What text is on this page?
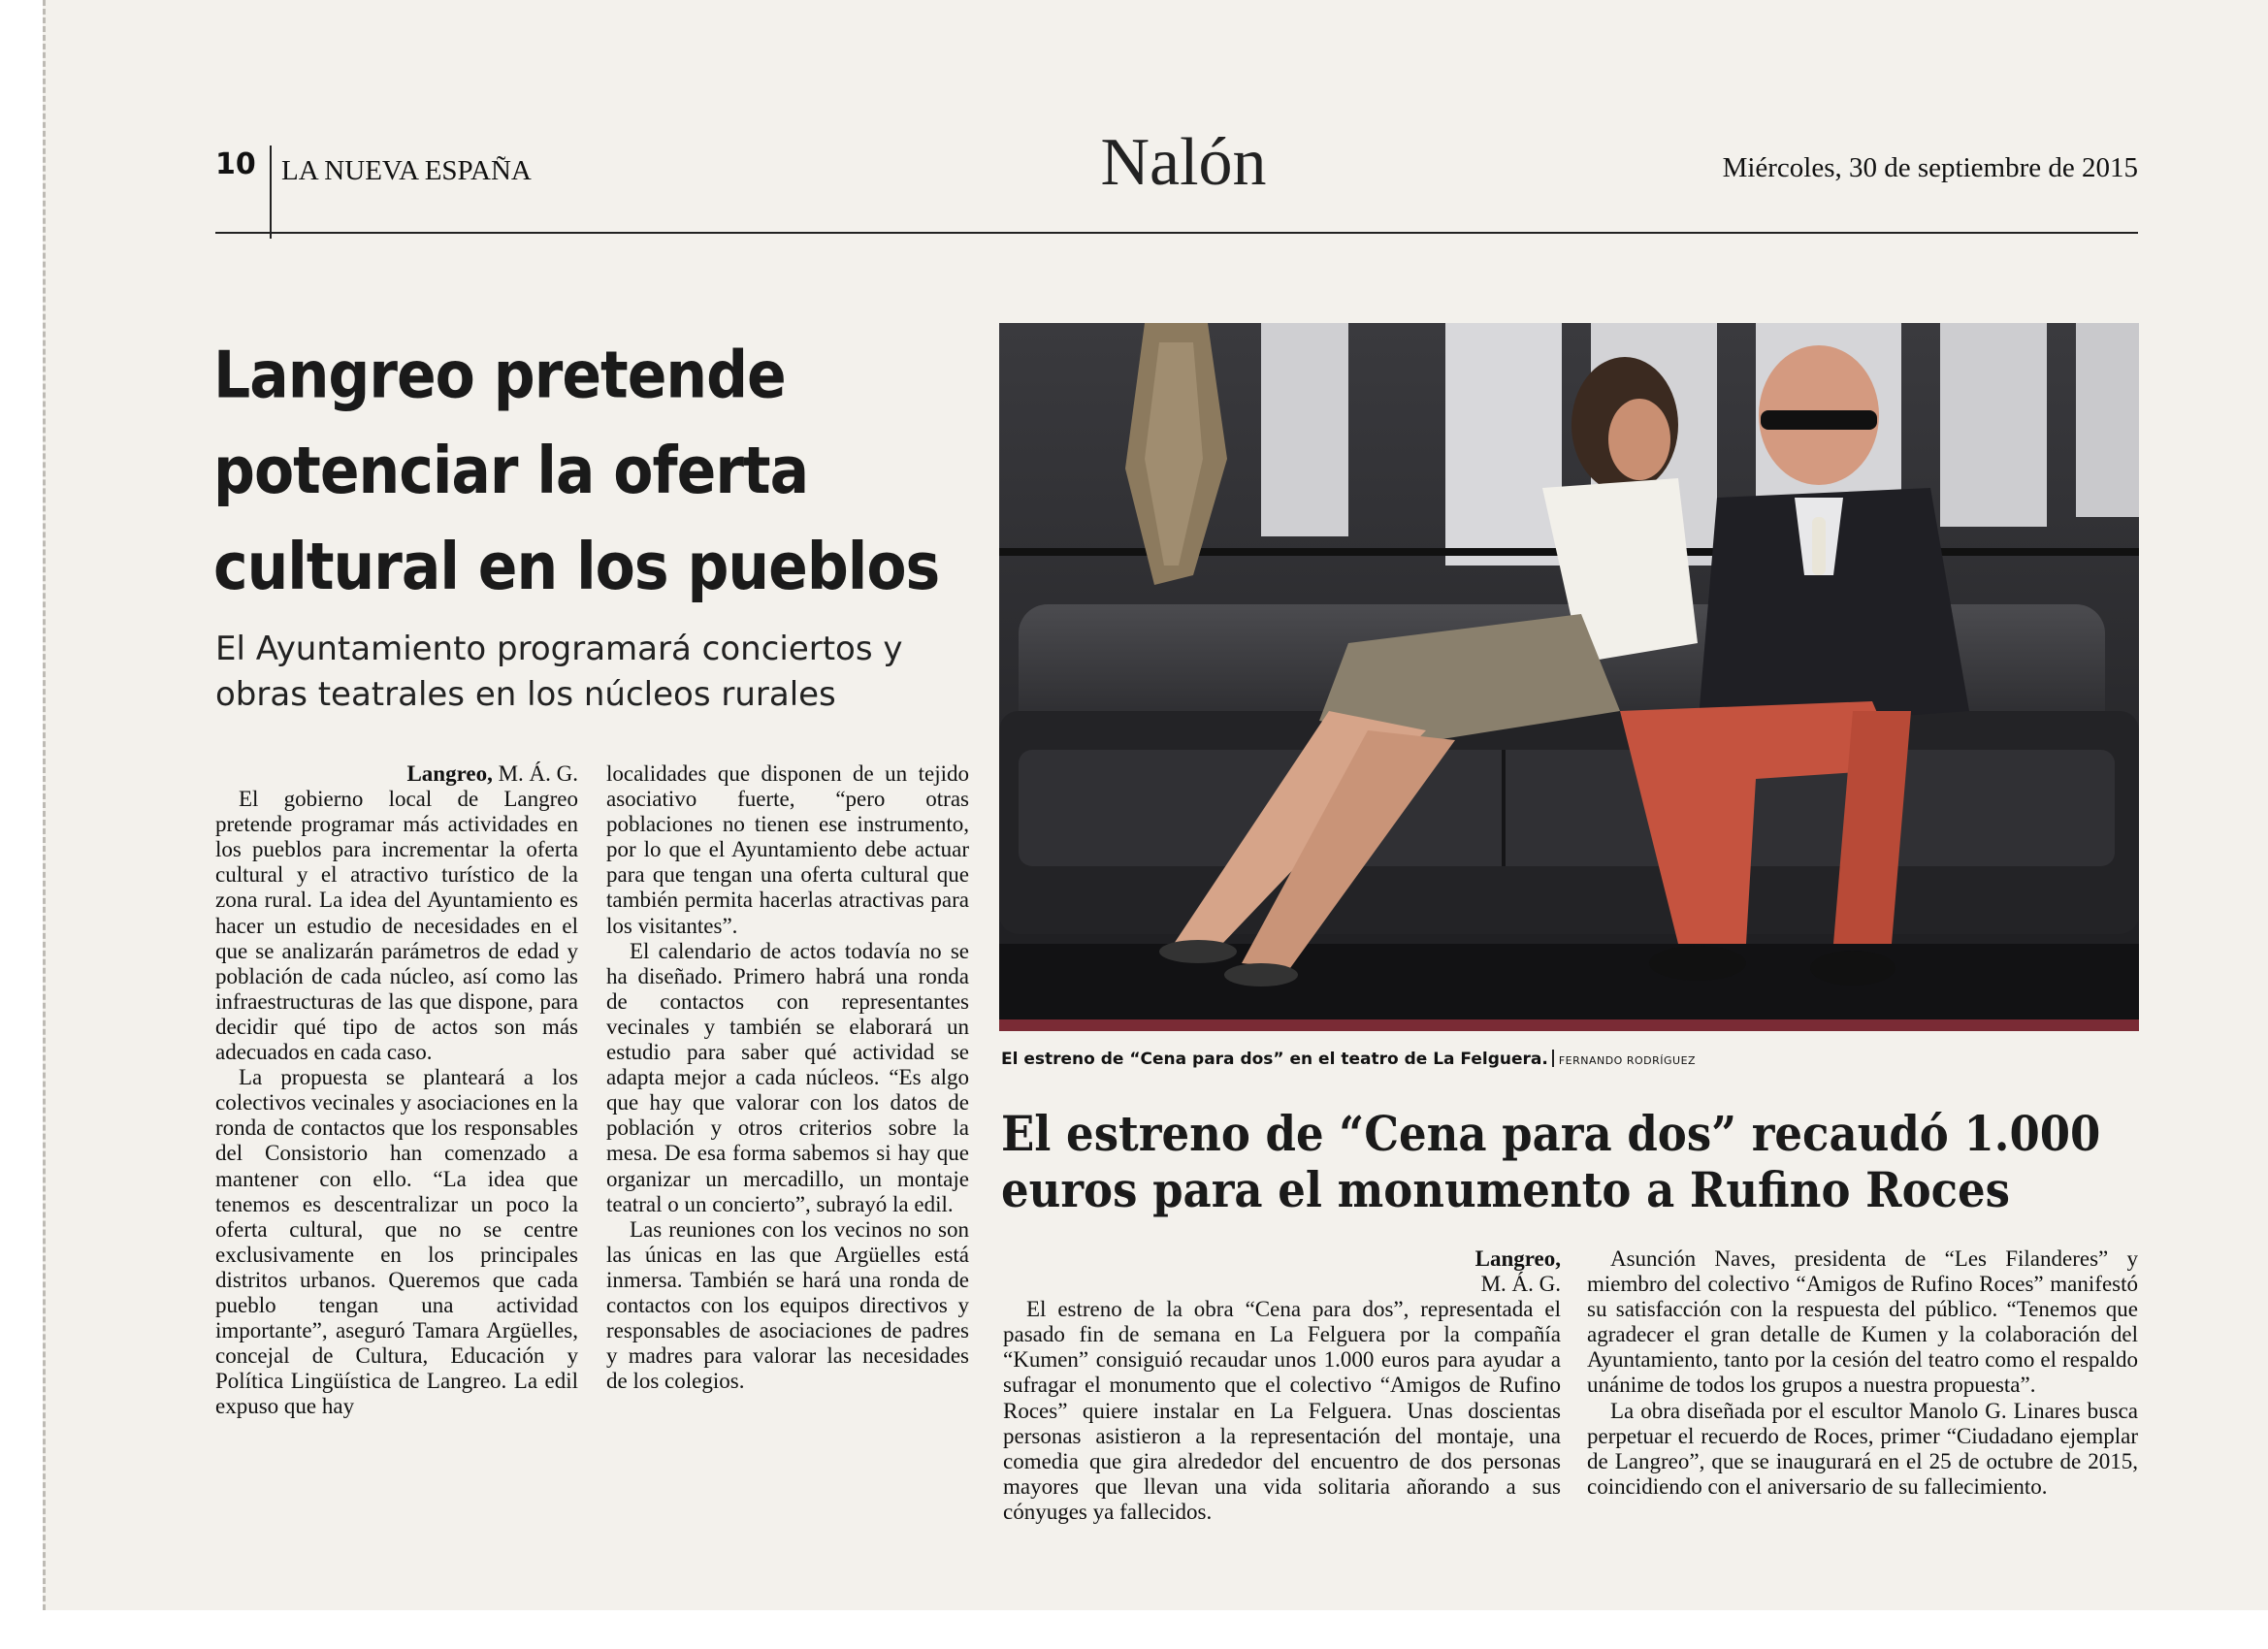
10 LA NUEVA ESPAÑA	Nalón	Miércoles, 30 de septiembre de 2015
Langreo pretende potenciar la oferta cultural en los pueblos
El Ayuntamiento programará conciertos y obras teatrales en los núcleos rurales

Langreo, M. Á. G.

El gobierno local de Langreo pretende programar más actividades en los pueblos para incrementar la oferta cultural y el atractivo turístico de la zona rural. La idea del Ayuntamiento es hacer un estudio de necesidades en el que se analizarán parámetros de edad y población de cada núcleo, así como las infraestructuras de las que dispone, para decidir qué tipo de actos son más adecuados en cada caso.

La propuesta se planteará a los colectivos vecinales y asociaciones en la ronda de contactos que los responsables del Consistorio han comenzado a mantener con ello. “La idea que tenemos es descentralizar un poco la oferta cultural, que no se centre exclusivamente en los principales distritos urbanos. Queremos que cada pueblo tengan una actividad importante”, aseguró Tamara Argüelles, concejal de Cultura, Educación y Política Lingüística de Langreo. La edil expuso que hay

localidades que disponen de un tejido asociativo fuerte, “pero otras poblaciones no tienen ese instrumento, por lo que el Ayuntamiento debe actuar para que tengan una oferta cultural que también permita hacerlas atractivas para los visitantes”.

El calendario de actos todavía no se ha diseñado. Primero habrá una ronda de contactos con representantes vecinales y también se elaborará un estudio para saber qué actividad se adapta mejor a cada núcleos. “Es algo que hay que valorar con los datos de población y otros criterios sobre la mesa. De esa forma sabemos si hay que organizar un mercadillo, un montaje teatral o un concierto”, subrayó la edil.

Las reuniones con los vecinos no son las únicas en las que Argüelles está inmersa. También se hará una ronda de contactos con los equipos directivos y responsables de asociaciones de padres y madres para valorar las necesidades de los colegios.

El estreno de “Cena para dos” en el teatro de La Felguera. FERNANDO RODRÍGUEZ
El estreno de “Cena para dos” recaudó 1.000 euros para el monumento a Rufino Roces

Langreo,
M. Á. G.

El estreno de la obra “Cena para dos”, representada el pasado fin de semana en La Felguera por la compañía “Kumen” consiguió recaudar unos 1.000 euros para ayudar a sufragar el monumento que el colectivo “Amigos de Rufino Roces” quiere instalar en La Felguera. Unas doscientas personas asistieron a la representación del montaje, una comedia que gira alrededor del encuentro de dos personas mayores que llevan una vida solitaria añorando a sus cónyuges ya fallecidos.

Asunción Naves, presidenta de “Les Filanderes” y miembro del colectivo “Amigos de Rufino Roces” manifestó su satisfacción con la respuesta del público. “Tenemos que agradecer el gran detalle de Kumen y la colaboración del Ayuntamiento, tanto por la cesión del teatro como el respaldo unánime de todos los grupos a nuestra propuesta”.

La obra diseñada por el escultor Manolo G. Linares busca perpetuar el recuerdo de Roces, primer “Ciudadano ejemplar de Langreo”, que se inaugurará en el 25 de octubre de 2015, coincidiendo con el aniversario de su fallecimiento.
